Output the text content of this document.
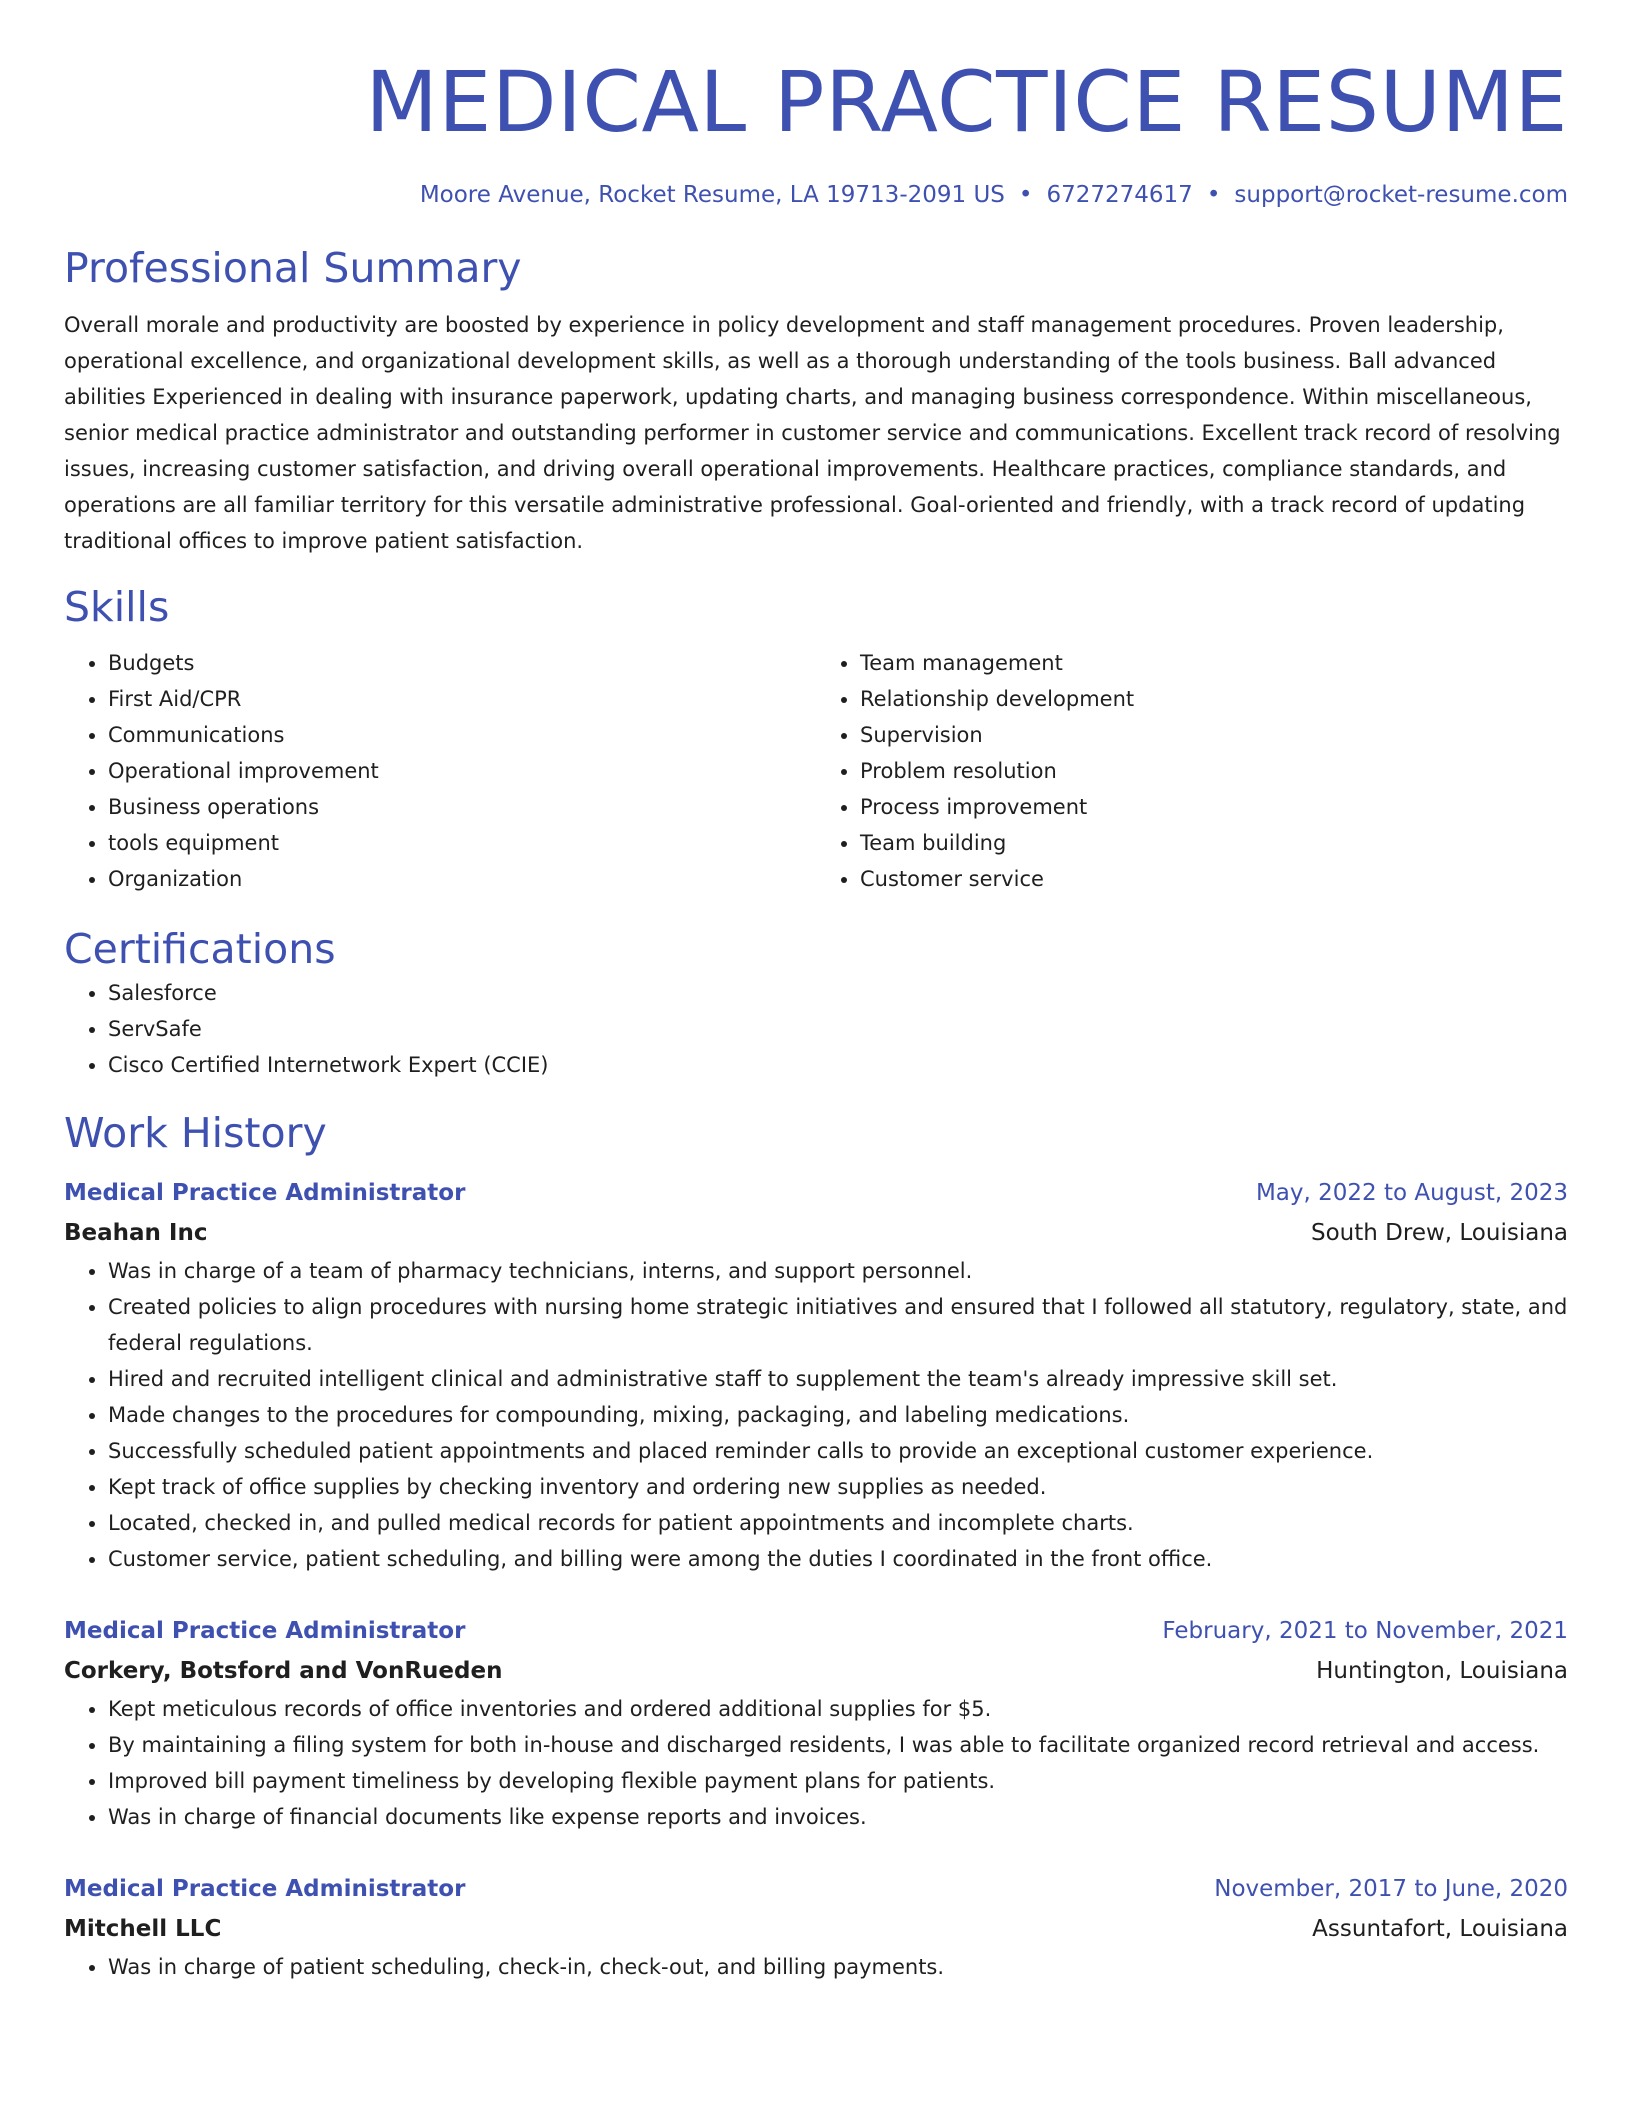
MEDICAL PRACTICE RESUME
Moore Avenue, Rocket Resume, LA 19713-2091 US • 6727274617 • support@rocket-resume.com
Professional Summary

Overall morale and productivity are boosted by experience in policy development and staff management procedures. Proven leadership, operational excellence, and organizational development skills, as well as a thorough understanding of the tools business. Ball advanced abilities Experienced in dealing with insurance paperwork, updating charts, and managing business correspondence. Within miscellaneous, senior medical practice administrator and outstanding performer in customer service and communications. Excellent track record of resolving issues, increasing customer satisfaction, and driving overall operational improvements. Healthcare practices, compliance standards, and operations are all familiar territory for this versatile administrative professional. Goal-oriented and friendly, with a track record of updating traditional offices to improve patient satisfaction.

Skills
• Budgets
• First Aid/CPR
• Communications
• Operational improvement
• Business operations
• tools equipment
• Organization
• Team management
• Relationship development
• Supervision
• Problem resolution
• Process improvement
• Team building
• Customer service
Certifications
• Salesforce
• ServSafe
• Cisco Certified Internetwork Expert (CCIE)
Work History
Medical Practice Administrator	May, 2022 to August, 2023
Beahan Inc	South Drew, Louisiana
• Was in charge of a team of pharmacy technicians, interns, and support personnel.
• Created policies to align procedures with nursing home strategic initiatives and ensured that I followed all statutory, regulatory, state, and federal regulations.
• Hired and recruited intelligent clinical and administrative staff to supplement the team's already impressive skill set.
• Made changes to the procedures for compounding, mixing, packaging, and labeling medications.
• Successfully scheduled patient appointments and placed reminder calls to provide an exceptional customer experience.
• Kept track of office supplies by checking inventory and ordering new supplies as needed.
• Located, checked in, and pulled medical records for patient appointments and incomplete charts.
• Customer service, patient scheduling, and billing were among the duties I coordinated in the front office.
Medical Practice Administrator	February, 2021 to November, 2021
Corkery, Botsford and VonRueden	Huntington, Louisiana
• Kept meticulous records of office inventories and ordered additional supplies for $5.
• By maintaining a filing system for both in-house and discharged residents, I was able to facilitate organized record retrieval and access.
• Improved bill payment timeliness by developing flexible payment plans for patients.
• Was in charge of financial documents like expense reports and invoices.
Medical Practice Administrator	November, 2017 to June, 2020
Mitchell LLC	Assuntafort, Louisiana
• Was in charge of patient scheduling, check-in, check-out, and billing payments.
